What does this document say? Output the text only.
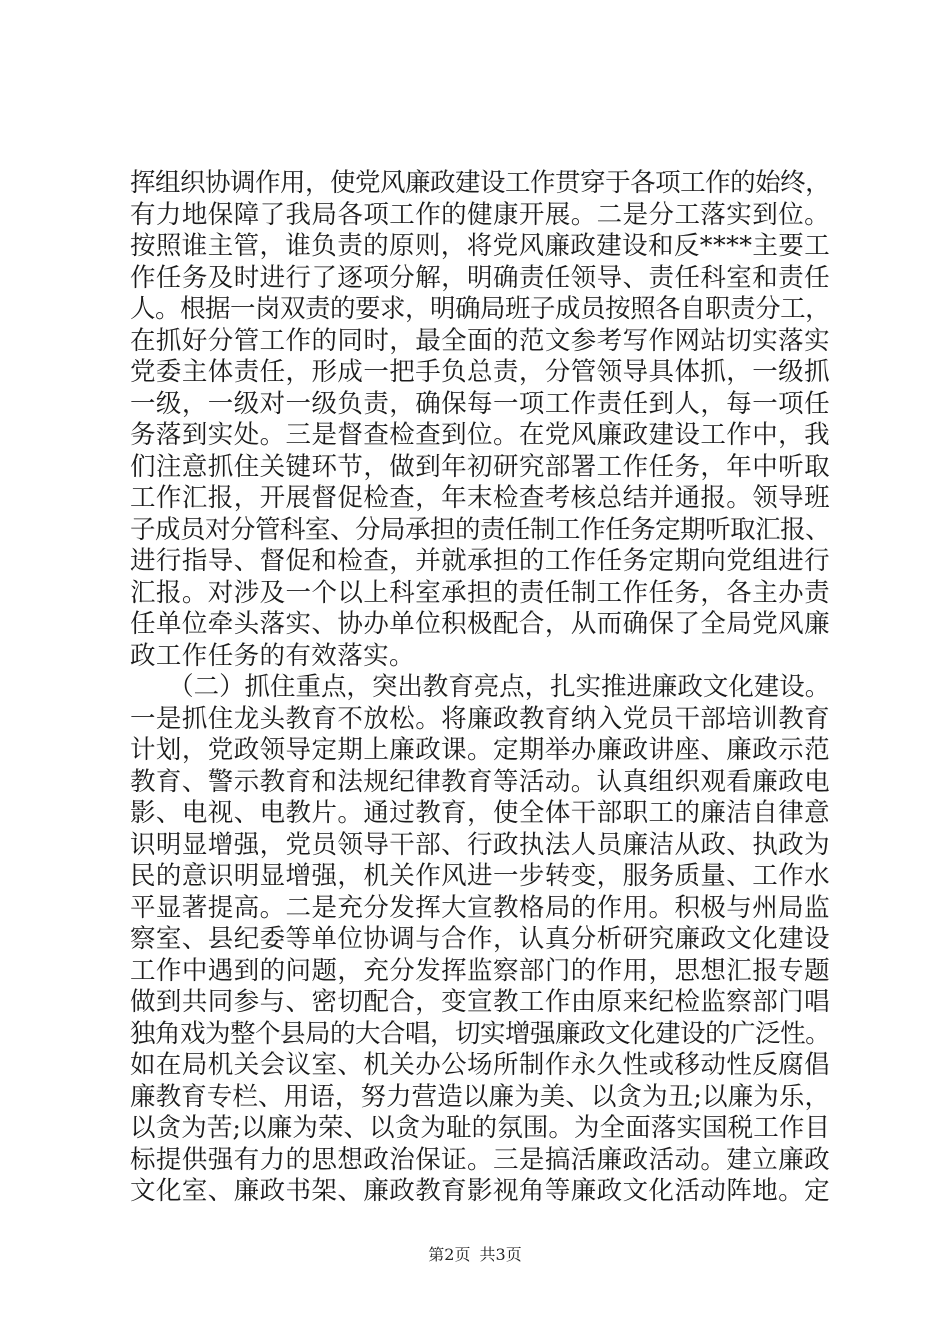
挥组织协调作用，使党风廉政建设工作贯穿于各项工作的始终，
有力地保障了我局各项工作的健康开展。二是分工落实到位。
按照谁主管，谁负责的原则，将党风廉政建设和反****主要工
作任务及时进行了逐项分解，明确责任领导、责任科室和责任
人。根据一岗双责的要求，明确局班子成员按照各自职责分工，
在抓好分管工作的同时，最全面的范文参考写作网站切实落实
党委主体责任，形成一把手负总责，分管领导具体抓，一级抓
一级，一级对一级负责，确保每一项工作责任到人，每一项任
务落到实处。三是督查检查到位。在党风廉政建设工作中，我
们注意抓住关键环节，做到年初研究部署工作任务，年中听取
工作汇报，开展督促检查，年末检查考核总结并通报。领导班
子成员对分管科室、分局承担的责任制工作任务定期听取汇报、
进行指导、督促和检查，并就承担的工作任务定期向党组进行
汇报。对涉及一个以上科室承担的责任制工作任务，各主办责
任单位牵头落实、协办单位积极配合，从而确保了全局党风廉
政工作任务的有效落实。
　　（二）抓住重点，突出教育亮点，扎实推进廉政文化建设。
一是抓住龙头教育不放松。将廉政教育纳入党员干部培训教育
计划，党政领导定期上廉政课。定期举办廉政讲座、廉政示范
教育、警示教育和法规纪律教育等活动。认真组织观看廉政电
影、电视、电教片。通过教育，使全体干部职工的廉洁自律意
识明显增强，党员领导干部、行政执法人员廉洁从政、执政为
民的意识明显增强，机关作风进一步转变，服务质量、工作水
平显著提高。二是充分发挥大宣教格局的作用。积极与州局监
察室、县纪委等单位协调与合作，认真分析研究廉政文化建设
工作中遇到的问题，充分发挥监察部门的作用，思想汇报专题
做到共同参与、密切配合，变宣教工作由原来纪检监察部门唱
独角戏为整个县局的大合唱，切实增强廉政文化建设的广泛性。
如在局机关会议室、机关办公场所制作永久性或移动性反腐倡
廉教育专栏、用语，努力营造以廉为美、以贪为丑;以廉为乐，
以贪为苦;以廉为荣、以贪为耻的氛围。为全面落实国税工作目
标提供强有力的思想政治保证。三是搞活廉政活动。建立廉政
文化室、廉政书架、廉政教育影视角等廉政文化活动阵地。定
第2页 共3页
